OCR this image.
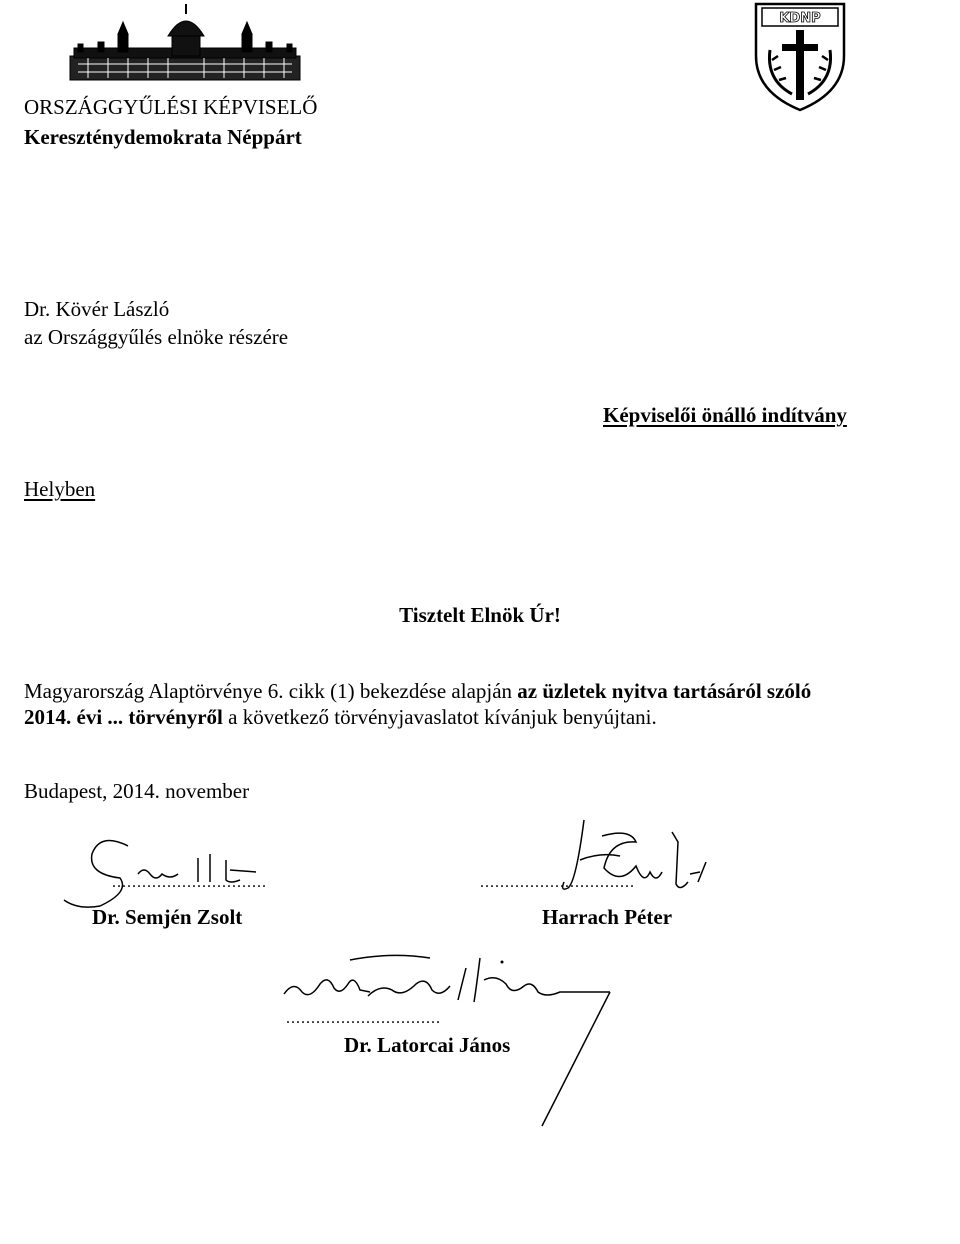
KDNP
ORSZÁGGYŰLÉSI KÉPVISELŐ
Kereszténydemokrata Néppárt
Dr. Kövér László
az Országgyűlés elnöke részére
Képviselői önálló indítvány
Helyben
Tisztelt Elnök Úr!
Magyarország Alaptörvénye 6. cikk (1) bekezdése alapján az üzletek nyitva tartásáról szóló
2014. évi ... törvényről a következő törvényjavaslatot kívánjuk benyújtani.
Budapest, 2014. november
...............................	...............................
...............................
Dr. Semjén Zsolt	Harrach Péter
Dr. Latorcai János
